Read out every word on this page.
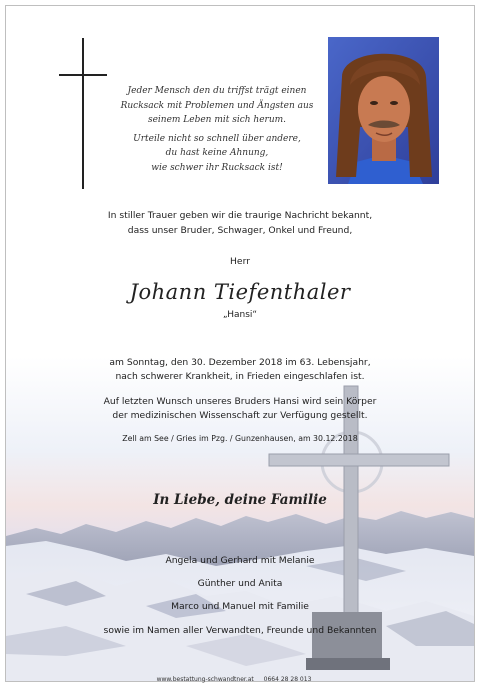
Jeder Mensch den du triffst trägt einen
Rucksack mit Problemen und Ängsten aus
seinem Leben mit sich herum.
Urteile nicht so schnell über andere,
du hast keine Ahnung,
wie schwer ihr Rucksack ist!
In stiller Trauer geben wir die traurige Nachricht bekannt,
dass unser Bruder, Schwager, Onkel und Freund,
Herr
Johann Tiefenthaler
„Hansi“
am Sonntag, den 30. Dezember 2018 im 63. Lebensjahr,
nach schwerer Krankheit, in Frieden eingeschlafen ist.
Auf letzten Wunsch unseres Bruders Hansi wird sein Körper
der medizinischen Wissenschaft zur Verfügung gestellt.
Zell am See / Gries im Pzg. / Gunzenhausen, am 30.12.2018
In Liebe, deine Familie
Angela und Gerhard mit Melanie
Günther und Anita
Marco und Manuel mit Familie
sowie im Namen aller Verwandten, Freunde und Bekannten
www.bestattung-schwandtner.at 0664 28 28 013
